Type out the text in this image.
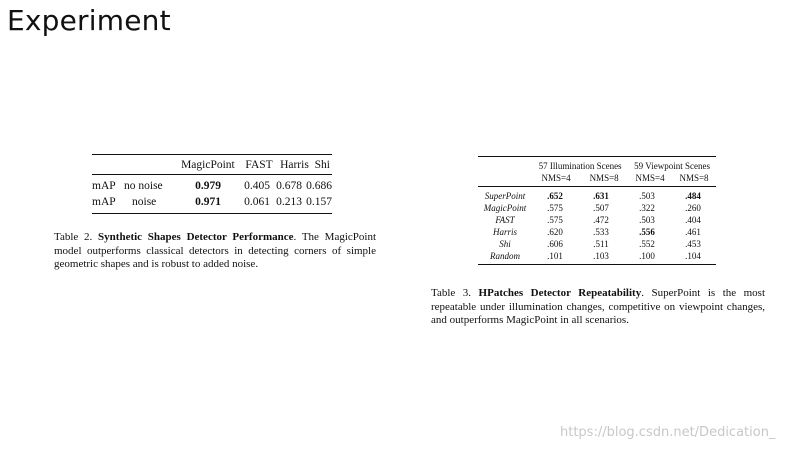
Experiment
		MagicPoint	FAST	Harris	Shi
mAP	no noise	0.979	0.405	0.678	0.686
mAP	noise	0.971	0.061	0.213	0.157
Table 2. Synthetic Shapes Detector Performance. The MagicPoint model outperforms classical detectors in detecting corners of simple geometric shapes and is robust to added noise.
	57 Illumination Scenes		59 Viewpoint Scenes	
	NMS=4	NMS=8	NMS=4	NMS=8
SuperPoint	.652	.631	.503	.484
MagicPoint	.575	.507	.322	.260
FAST	.575	.472	.503	.404
Harris	.620	.533	.556	.461
Shi	.606	.511	.552	.453
Random	.101	.103	.100	.104
Table 3. HPatches Detector Repeatability. SuperPoint is the most repeatable under illumination changes, competitive on viewpoint changes, and outperforms MagicPoint in all scenarios.
https://blog.csdn.net/Dedication_
